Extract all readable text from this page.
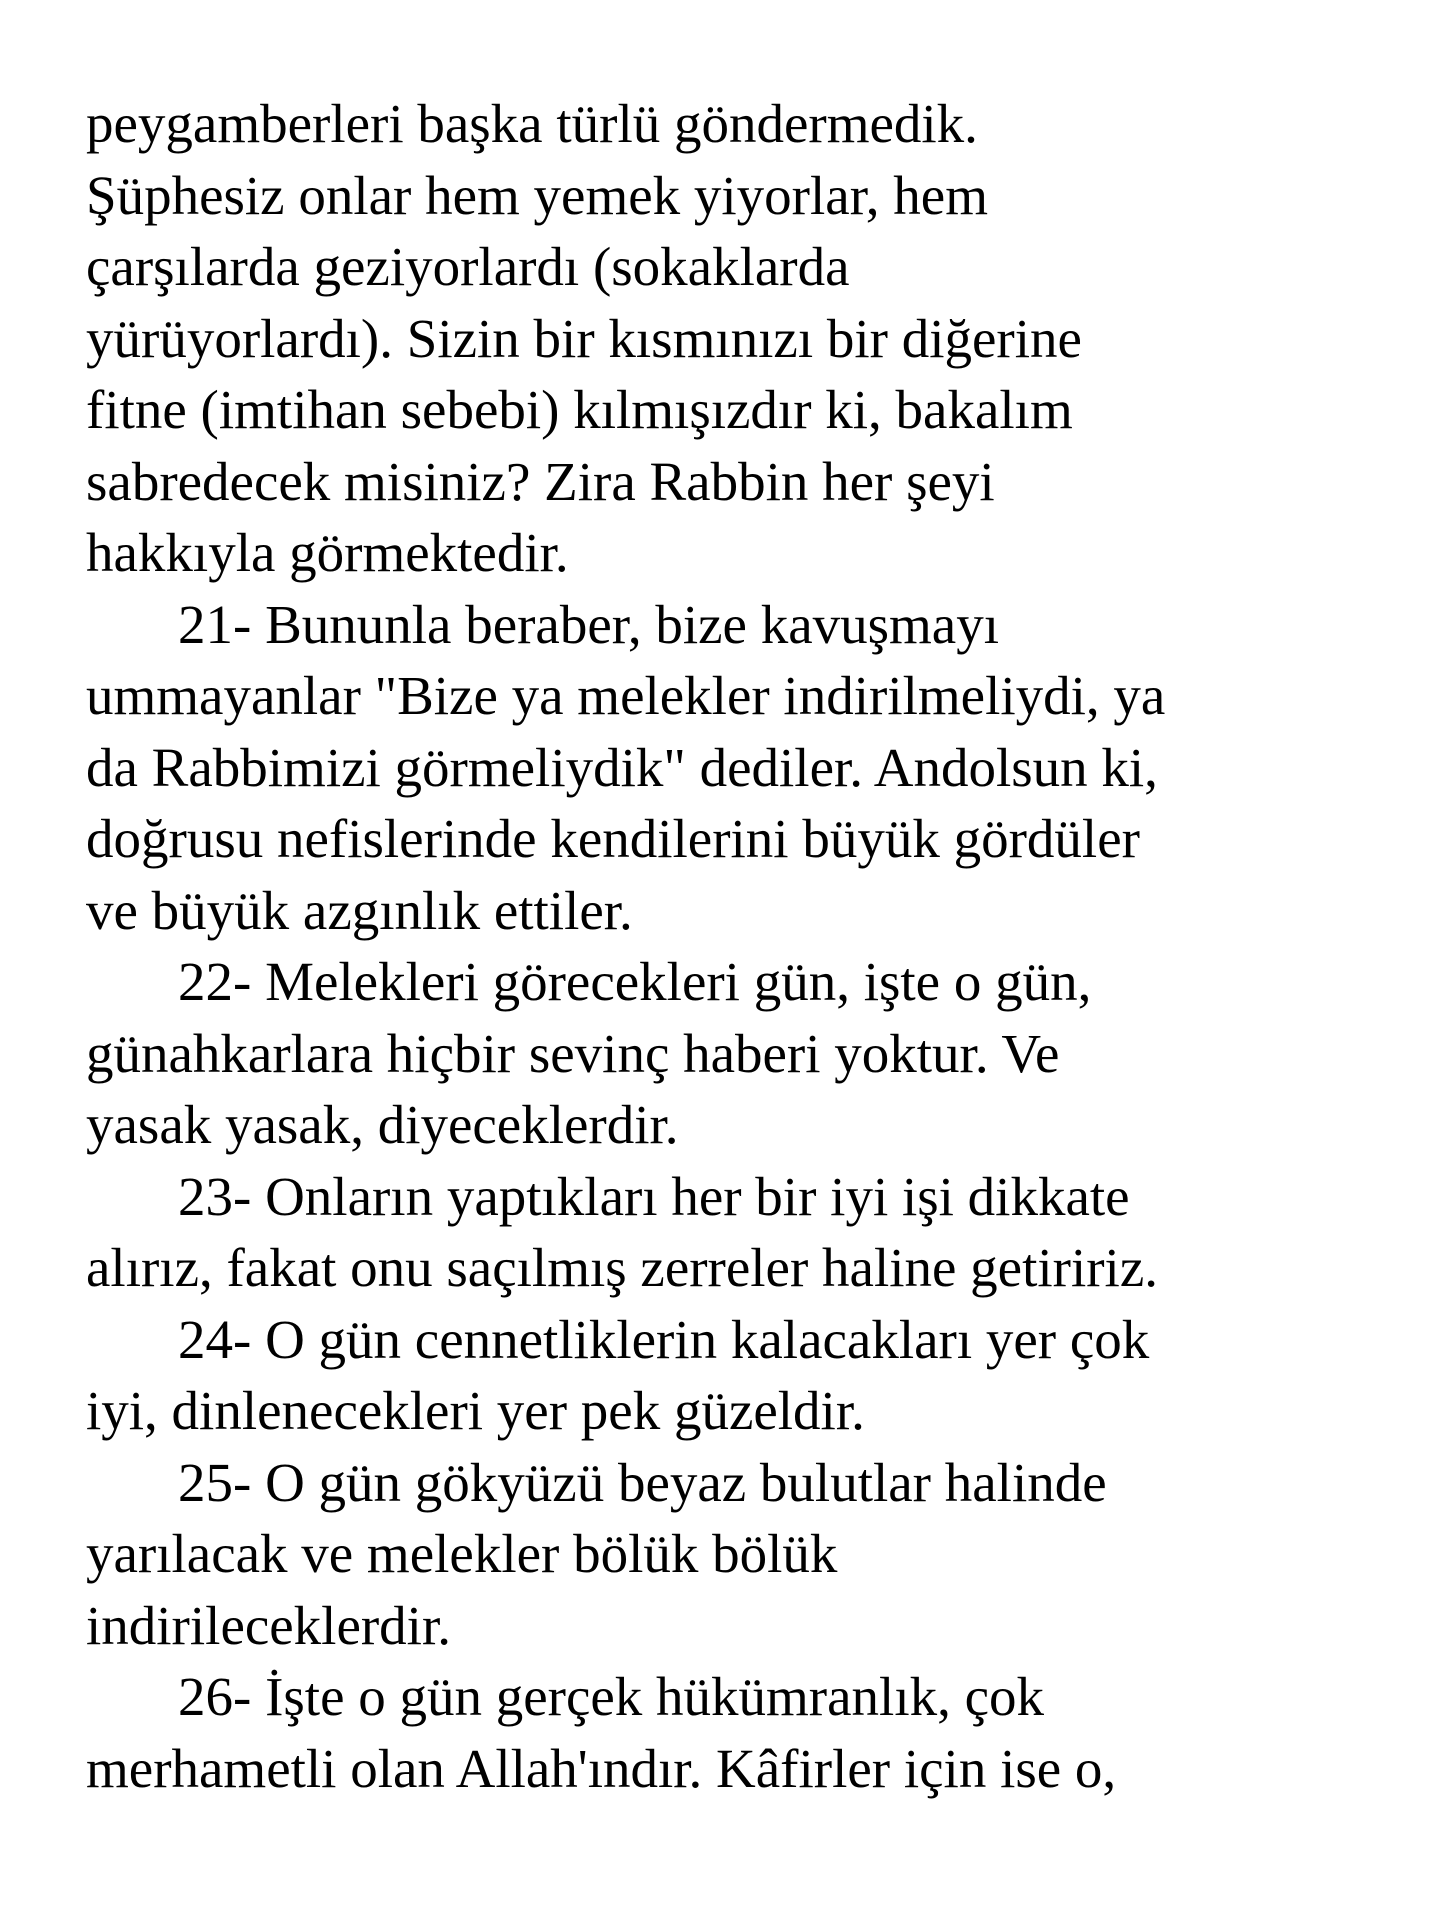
peygamberleri başka türlü göndermedik.
Şüphesiz onlar hem yemek yiyorlar, hem
çarşılarda geziyorlardı (sokaklarda
yürüyorlardı). Sizin bir kısmınızı bir diğerine
fitne (imtihan sebebi) kılmışızdır ki, bakalım
sabredecek misiniz? Zira Rabbin her şeyi
hakkıyla görmektedir.
21- Bununla beraber, bize kavuşmayı
ummayanlar "Bize ya melekler indirilmeliydi, ya
da Rabbimizi görmeliydik" dediler. Andolsun ki,
doğrusu nefislerinde kendilerini büyük gördüler
ve büyük azgınlık ettiler.
22- Melekleri görecekleri gün, işte o gün,
günahkarlara hiçbir sevinç haberi yoktur. Ve
yasak yasak, diyeceklerdir.
23- Onların yaptıkları her bir iyi işi dikkate
alırız, fakat onu saçılmış zerreler haline getiririz.
24- O gün cennetliklerin kalacakları yer çok
iyi, dinlenecekleri yer pek güzeldir.
25- O gün gökyüzü beyaz bulutlar halinde
yarılacak ve melekler bölük bölük
indirileceklerdir.
26- İşte o gün gerçek hükümranlık, çok
merhametli olan Allah'ındır. Kâfirler için ise o,
